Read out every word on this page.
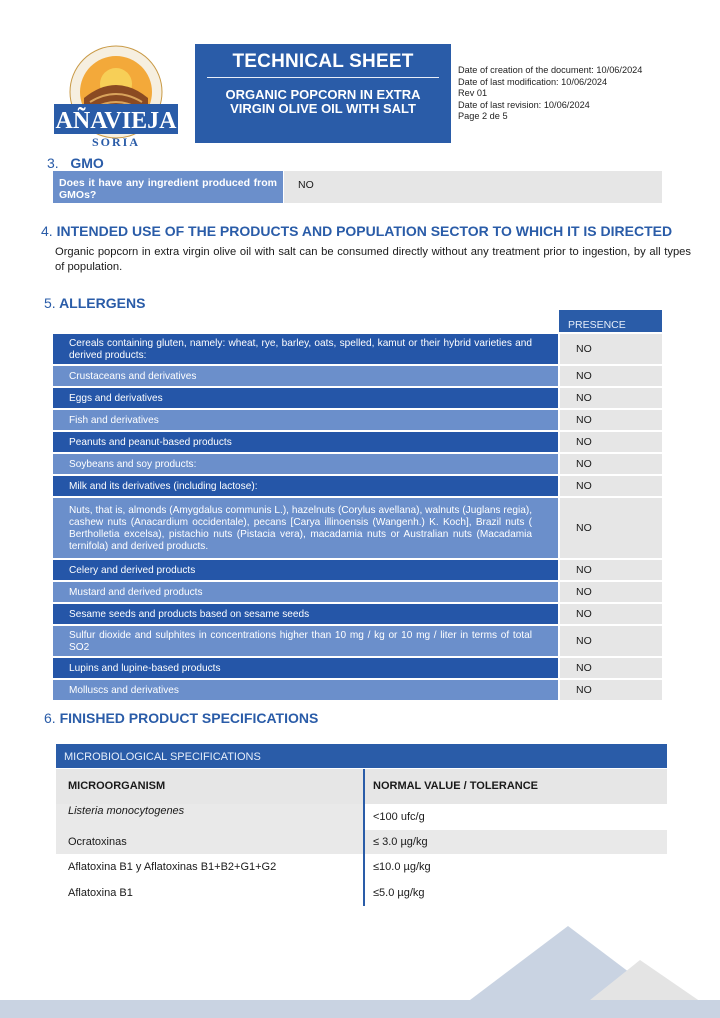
AÑAVIEJA
SORIA
TECHNICAL SHEET
ORGANIC POPCORN IN EXTRA VIRGIN OLIVE OIL WITH SALT
Date of creation of the document: 10/06/2024
Date of last modification: 10/06/2024
Rev 01
Date of last revision: 10/06/2024
Page 2 de 5
3. GMO
Does it have any ingredient produced from GMOs?
NO
4. INTENDED USE OF THE PRODUCTS AND POPULATION SECTOR TO WHICH IT IS DIRECTED
Organic popcorn in extra virgin olive oil with salt can be consumed directly without any treatment prior to ingestion, by all types of population.
5. ALLERGENS
PRESENCE
Cereals containing gluten, namely: wheat, rye, barley, oats, spelled, kamut or their hybrid varieties and derived products:
NO
Crustaceans and derivatives	NO
Eggs and derivatives	NO
Fish and derivatives	NO
Peanuts and peanut-based products	NO
Soybeans and soy products:	NO
Milk and its derivatives (including lactose):	NO
Nuts, that is, almonds (Amygdalus communis L.), hazelnuts (Corylus avellana), walnuts (Juglans regia), cashew nuts (Anacardium occidentale), pecans [Carya illinoensis (Wangenh.) K. Koch], Brazil nuts ( Bertholletia excelsa), pistachio nuts (Pistacia vera), macadamia nuts or Australian nuts (Macadamia ternifola) and derived products.
NO
Celery and derived products	NO
Mustard and derived products	NO
Sesame seeds and products based on sesame seeds	NO
Sulfur dioxide and sulphites in concentrations higher than 10 mg / kg or 10 mg / liter in terms of total SO2
NO
Lupins and lupine-based products	NO
Molluscs and derivatives	NO
6. FINISHED PRODUCT SPECIFICATIONS
MICROBIOLOGICAL SPECIFICATIONS
MICROORGANISM	NORMAL VALUE / TOLERANCE
Listeria monocytogenes	<100 ufc/g
Ocratoxinas	≤ 3.0 µg/kg
Aflatoxina B1 y Aflatoxinas B1+B2+G1+G2	≤10.0 µg/kg
Aflatoxina B1	≤5.0 µg/kg
